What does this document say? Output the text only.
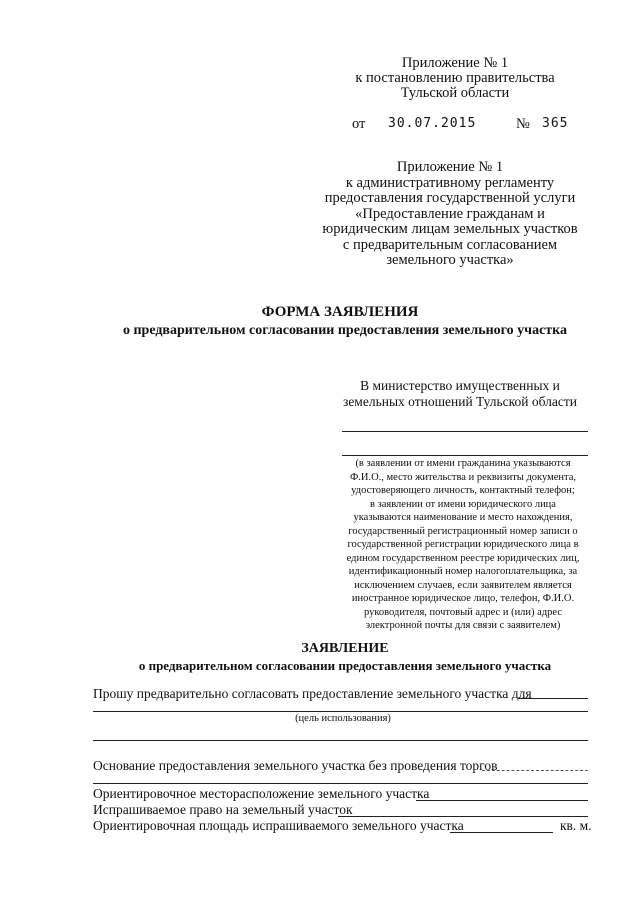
Приложение № 1
к постановлению правительства
Тульской области
от 30.07.2015	№ 365
Приложение № 1
к административному регламенту
предоставления государственной услуги
«Предоставление гражданам и
юридическим лицам земельных участков
с предварительным согласованием
земельного участка»
ФОРМА ЗАЯВЛЕНИЯ
о предварительном согласовании предоставления земельного участка
В министерство имущественных и
земельных отношений Тульской области
(в заявлении от имени гражданина указываются
Ф.И.О., место жительства и реквизиты документа,
удостоверяющего личность, контактный телефон;
в заявлении от имени юридического лица
указываются наименование и место нахождения,
государственный регистрационный номер записи о
государственной регистрации юридического лица в
едином государственном реестре юридических лиц,
идентификационный номер налогоплательщика, за
исключением случаев, если заявителем является
иностранное юридическое лицо, телефон, Ф.И.О.
руководителя, почтовый адрес и (или) адрес
электронной почты для связи с заявителем)
ЗАЯВЛЕНИЕ
о предварительном согласовании предоставления земельного участка
Прошу предварительно согласовать предоставление земельного участка для
(цель использования)
Основание предоставления земельного участка без проведения торгов
Ориентировочное месторасположение земельного участка
Испрашиваемое право на земельный участок
Ориентировочная площадь испрашиваемого земельного участка	кв. м.
